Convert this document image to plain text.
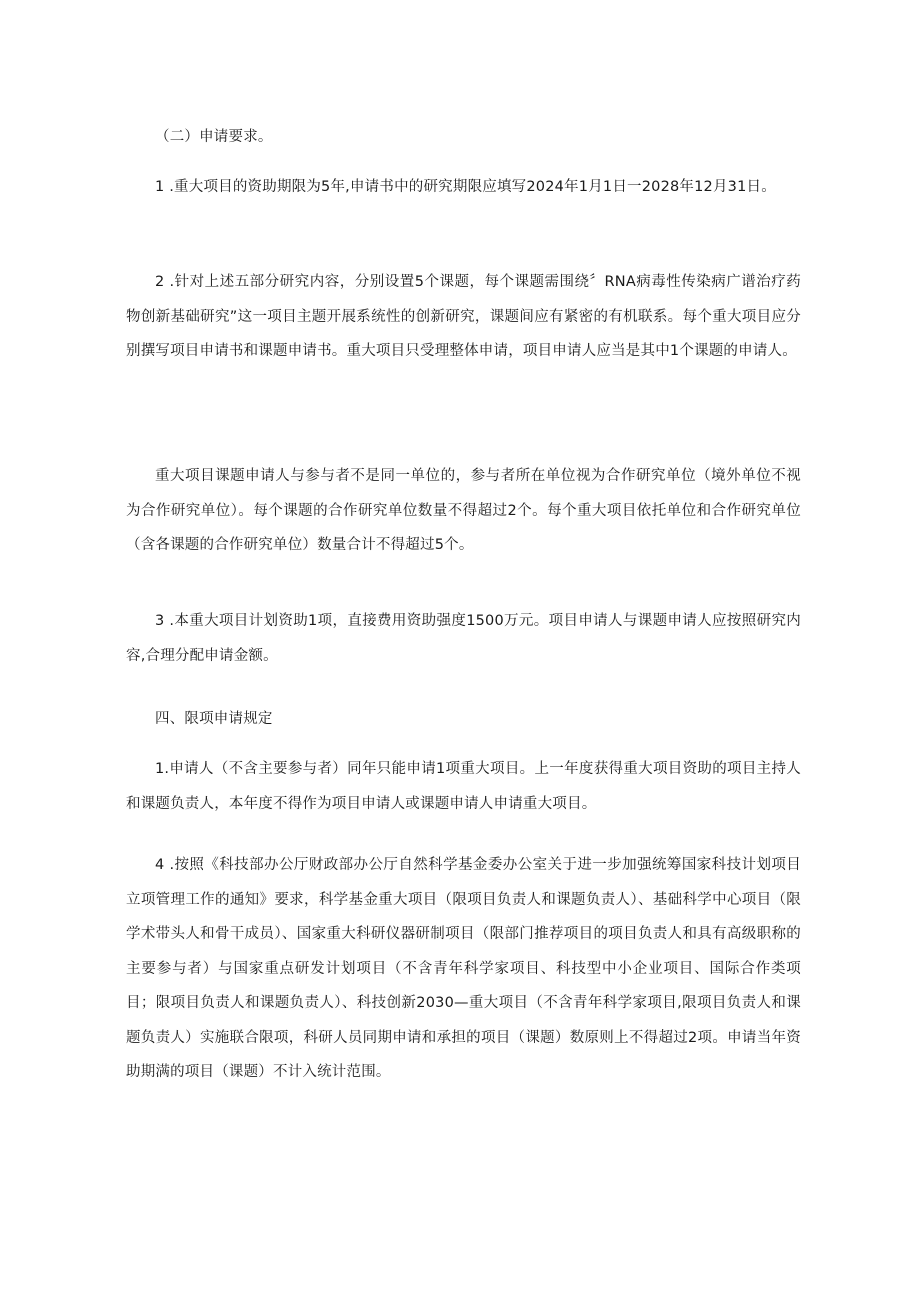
（二）申请要求。

1 .重大项目的资助期限为5年,申请书中的研究期限应填写2024年1月1日一2028年12月31日。

2 .针对上述五部分研究内容，分别设置5个课题，每个课题需围绕〞RNA病毒性传染病广谱治疗药物创新基础研究”这一项目主题开展系统性的创新研究，课题间应有紧密的有机联系。每个重大项目应分别撰写项目申请书和课题申请书。重大项目只受理整体申请，项目申请人应当是其中1个课题的申请人。

重大项目课题申请人与参与者不是同一单位的，参与者所在单位视为合作研究单位（境外单位不视为合作研究单位）。每个课题的合作研究单位数量不得超过2个。每个重大项目依托单位和合作研究单位（含各课题的合作研究单位）数量合计不得超过5个。

3 .本重大项目计划资助1项，直接费用资助强度1500万元。项目申请人与课题申请人应按照研究内容,合理分配申请金额。

四、限项申请规定

1.申请人（不含主要参与者）同年只能申请1项重大项目。上一年度获得重大项目资助的项目主持人和课题负责人，本年度不得作为项目申请人或课题申请人申请重大项目。

4 .按照《科技部办公厅财政部办公厅自然科学基金委办公室关于进一步加强统筹国家科技计划项目立项管理工作的通知》要求，科学基金重大项目（限项目负责人和课题负责人）、基础科学中心项目（限学术带头人和骨干成员）、国家重大科研仪器研制项目（限部门推荐项目的项目负责人和具有高级职称的主要参与者）与国家重点研发计划项目（不含青年科学家项目、科技型中小企业项目、国际合作类项目；限项目负责人和课题负责人）、科技创新2030—重大项目（不含青年科学家项目,限项目负责人和课题负责人）实施联合限项，科研人员同期申请和承担的项目（课题）数原则上不得超过2项。申请当年资助期满的项目（课题）不计入统计范围。
